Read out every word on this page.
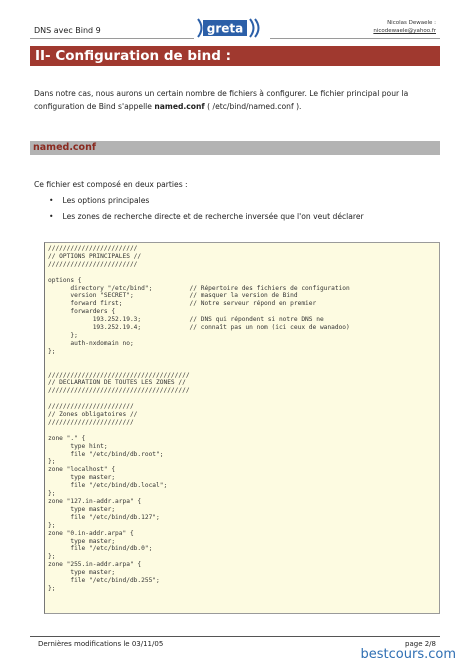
DNS avec Bind 9	greta	Nicolas Dewaele :
nicodewaele@yahoo.fr
II- Configuration de bind :

Dans notre cas, nous aurons un certain nombre de fichiers à configurer. Le fichier principal pour la configuration de Bind s'appelle named.conf ( /etc/bind/named.conf ).

named.conf
Ce fichier est composé en deux parties :
• Les options principales
• Les zones de recherche directe et de recherche inversée que l'on veut déclarer
////////////////////////
// OPTIONS PRINCIPALES //
////////////////////////

options {
directory "/etc/bind";          // Répertoire des fichiers de configuration
version "SECRET";               // masquer la version de Bind
forward first;                  // Notre serveur répond en premier
forwarders {
193.252.19.3;             // DNS qui répondent si notre DNS ne
193.252.19.4;             // connaît pas un nom (ici ceux de wanadoo)
};
auth-nxdomain no;
};

//////////////////////////////////////
// DECLARATION DE TOUTES LES ZONES //
//////////////////////////////////////

///////////////////////
// Zones obligatoires //
///////////////////////

zone "." {
type hint;
file "/etc/bind/db.root";
};
zone "localhost" {
type master;
file "/etc/bind/db.local";
};
zone "127.in-addr.arpa" {
type master;
file "/etc/bind/db.127";
};
zone "0.in-addr.arpa" {
type master;
file "/etc/bind/db.0";
};
zone "255.in-addr.arpa" {
type master;
file "/etc/bind/db.255";
};
Dernières modifications le 03/11/05	page 2/8
bestcours.com
